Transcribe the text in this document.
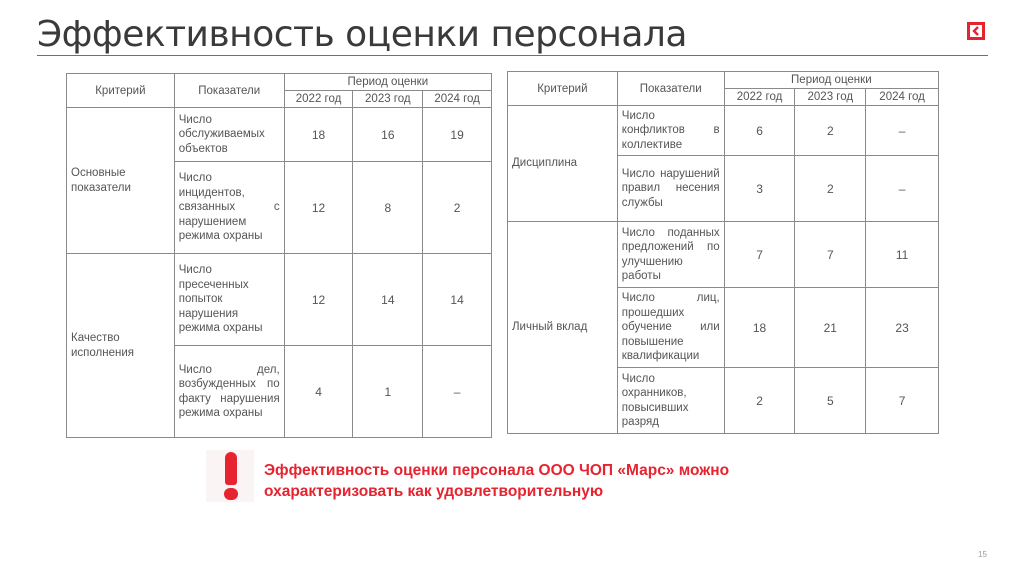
Эффективность оценки персонала
Критерий	Показатели	Период оценки		
		2022 год	2023 год	2024 год
Основные показатели	Число обслуживаемых объектов	18	16	19
	Число инцидентов, связанных с нарушением режима охраны	12	8	2
Качество исполнения	Число пресеченных попыток нарушения режима охраны	12	14	14
	Число дел, возбужденных по факту нарушения режима охраны	4	1	–
Критерий	Показатели	Период оценки		
		2022 год	2023 год	2024 год
Дисциплина	Число конфликтов в коллективе	6	2	–
	Число нарушений правил несения службы	3	2	–
Личный вклад	Число поданных предложений по улучшению работы	7	7	11
	Число лиц, прошедших обучение или повышение квалификации	18	21	23
	Число охранников, повысивших разряд	2	5	7
Эффективность оценки персонала ООО ЧОП «Марс» можно охарактеризовать как удовлетворительную
15
